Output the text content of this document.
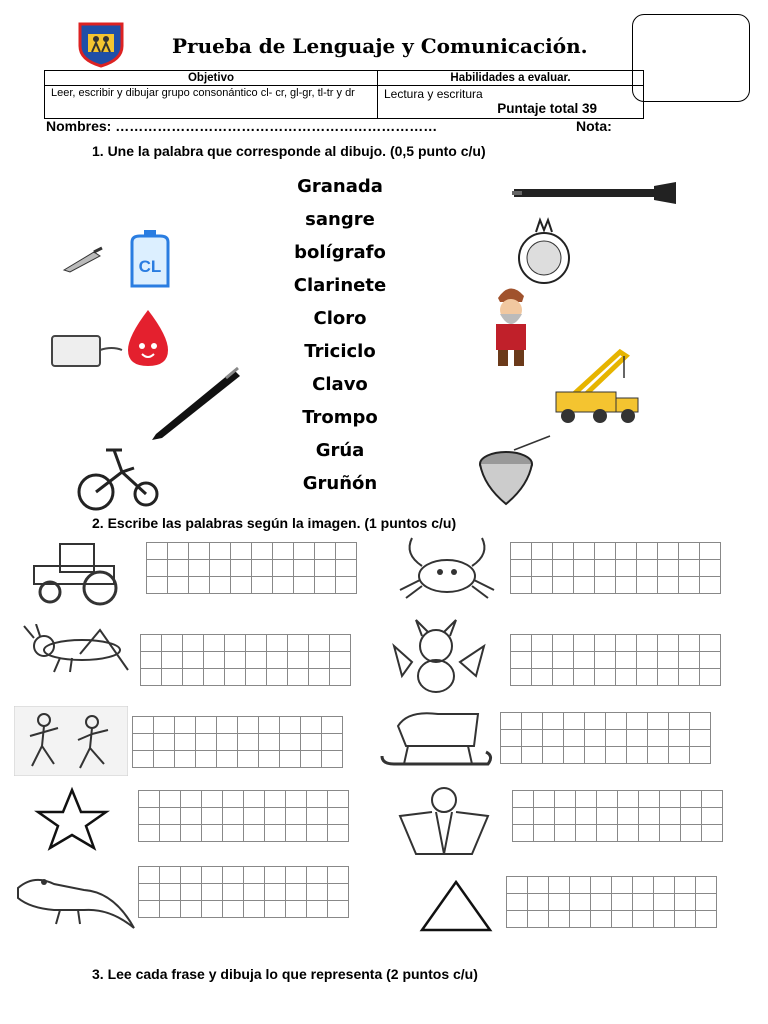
Prueba de Lenguaje y Comunicación.
Objetivo	Habilidades a evaluar.
Leer, escribir y dibujar grupo consonántico cl- cr, gl-gr, tl-tr y dr	Lectura y escritura
Puntaje total 39
Nombres: ……………………………………………………………	Nota:
1. Une la palabra que corresponde al dibujo. (0,5 punto c/u)
Granada
sangre
bolígrafo
Clarinete
Cloro
Triciclo
Clavo
Trompo
Grúa
Gruñón
CL
2. Escribe las palabras según la imagen. (1 puntos c/u)

3. Lee cada frase y dibuja lo que representa (2 puntos c/u)
